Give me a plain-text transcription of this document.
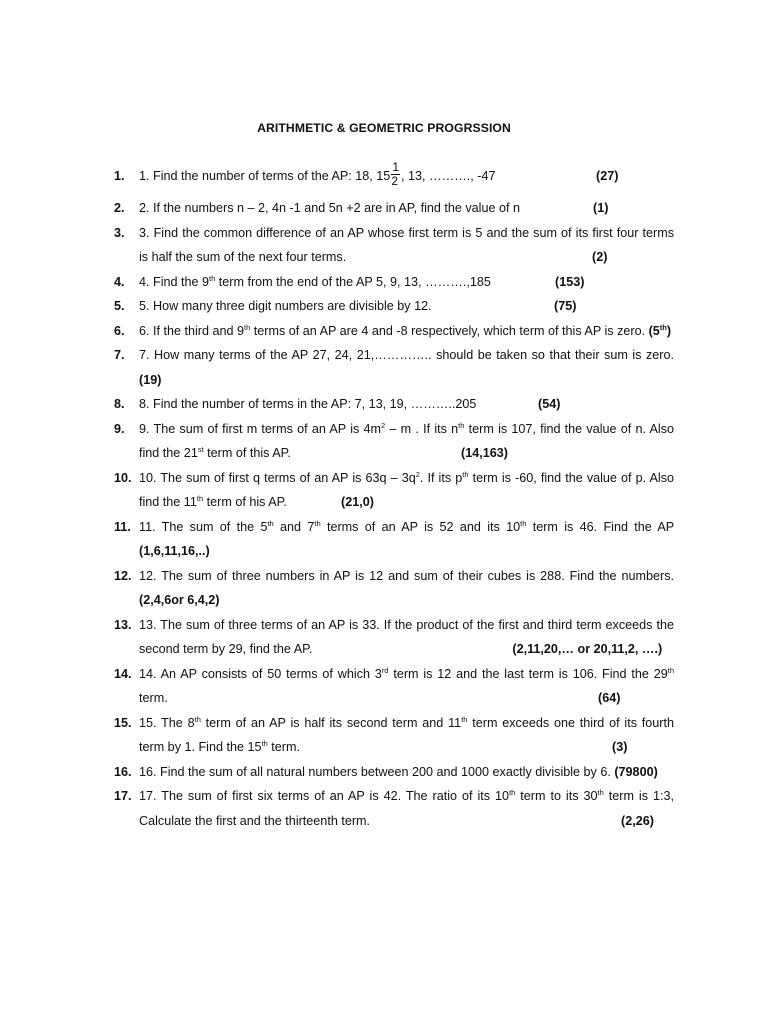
ARITHMETIC & GEOMETRIC PROGRSSION
1.	1. Find the number of terms of the AP: 18, $15 \frac{1}{2}$ , 13, ………., -47	(27)
2.	2. If the numbers n – 2, 4n -1 and 5n +2 are in AP, find the value of n	(1)
3.	3. Find the common difference of an AP whose first term is 5 and the sum of its first four terms is half the sum of the next four terms.	(2)
4.	4. Find the 9th term from the end of the AP 5, 9, 13, ……….,185	(153)
5.	5. How many three digit numbers are divisible by 12.	(75)
6.	6. If the third and 9th terms of an AP are 4 and -8 respectively, which term of this AP is zero. (5th)
7.	7. How many terms of the AP 27, 24, 21,………….. should be taken so that their sum is zero. (19)
8.	8. Find the number of terms in the AP: 7, 13, 19, ………..205	(54)
9.	9. The sum of first m terms of an AP is $4m^2$ – m . If its $n^{th}$ term is 107, find the value of n. Also find the 21st term of this AP.	(14,163)
10. 10. The sum of first q terms of an AP is $63q - 3q^2$. If its $p^{th}$ term is -60, find the value of p. Also find the 11th term of his AP.	(21,0)
11. 11. The sum of the 5th and 7th terms of an AP is 52 and its 10th term is 46. Find the AP (1,6,11,16,..)
12. 12. The sum of three numbers in AP is 12 and sum of their cubes is 288. Find the numbers. (2,4,6or 6,4,2)
13. 13. The sum of three terms of an AP is 33. If the product of the first and third term exceeds the second term by 29, find the AP.	(2,11,20,… or 20,11,2, ….)
14. 14. An AP consists of 50 terms of which 3rd term is 12 and the last term is 106. Find the 29th term.	(64)
15. 15. The 8th term of an AP is half its second term and 11th term exceeds one third of its fourth term by 1. Find the 15th term.	(3)
16. 16. Find the sum of all natural numbers between 200 and 1000 exactly divisible by 6. (79800)
17. 17. The sum of first six terms of an AP is 42. The ratio of its 10th term to its 30th term is 1:3, Calculate the first and the thirteenth term.	(2,26)
